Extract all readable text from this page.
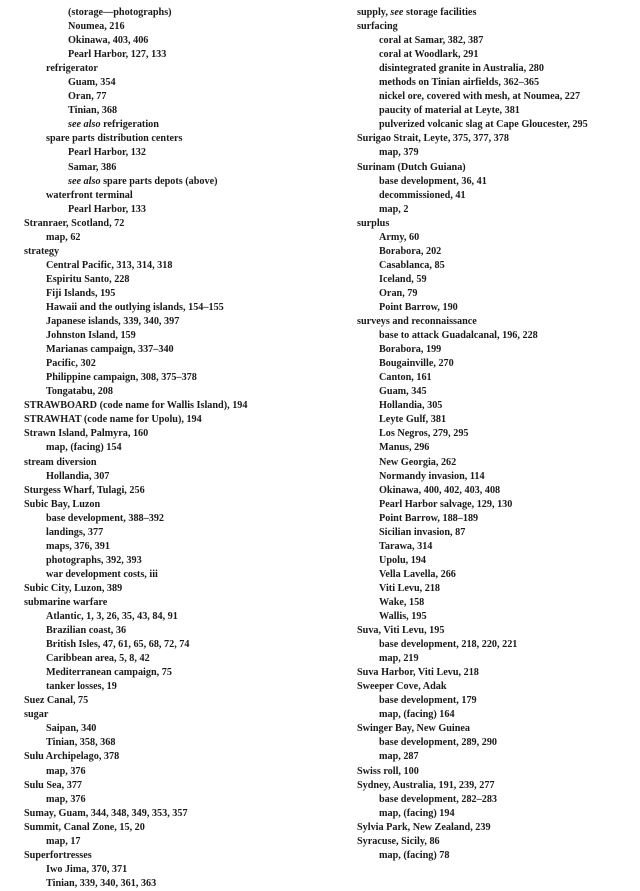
(storage—photographs)
Noumea, 216
Okinawa, 403, 406
Pearl Harbor, 127, 133
refrigerator
Guam, 354
Oran, 77
Tinian, 368
see also refrigeration
spare parts distribution centers
Pearl Harbor, 132
Samar, 386
see also spare parts depots (above)
waterfront terminal
Pearl Harbor, 133
Stranraer, Scotland, 72
map, 62
strategy
Central Pacific, 313, 314, 318
Espiritu Santo, 228
Fiji Islands, 195
Hawaii and the outlying islands, 154–155
Japanese islands, 339, 340, 397
Johnston Island, 159
Marianas campaign, 337–340
Pacific, 302
Philippine campaign, 308, 375–378
Tongatabu, 208
STRAWBOARD (code name for Wallis Island), 194
STRAWHAT (code name for Upolu), 194
Strawn Island, Palmyra, 160
map, (facing) 154
stream diversion
Hollandia, 307
Sturgess Wharf, Tulagi, 256
Subic Bay, Luzon
base development, 388–392
landings, 377
maps, 376, 391
photographs, 392, 393
war development costs, iii
Subic City, Luzon, 389
submarine warfare
Atlantic, 1, 3, 26, 35, 43, 84, 91
Brazilian coast, 36
British Isles, 47, 61, 65, 68, 72, 74
Caribbean area, 5, 8, 42
Mediterranean campaign, 75
tanker losses, 19
Suez Canal, 75
sugar
Saipan, 340
Tinian, 358, 368
Sulu Archipelago, 378
map, 376
Sulu Sea, 377
map, 376
Sumay, Guam, 344, 348, 349, 353, 357
Summit, Canal Zone, 15, 20
map, 17
Superfortresses
Iwo Jima, 370, 371
Tinian, 339, 340, 361, 363
supply, see storage facilities
surfacing
coral at Samar, 382, 387
coral at Woodlark, 291
disintegrated granite in Australia, 280
methods on Tinian airfields, 362–365
nickel ore, covered with mesh, at Noumea, 227
paucity of material at Leyte, 381
pulverized volcanic slag at Cape Gloucester, 295
Surigao Strait, Leyte, 375, 377, 378
map, 379
Surinam (Dutch Guiana)
base development, 36, 41
decommissioned, 41
map, 2
surplus
Army, 60
Borabora, 202
Casablanca, 85
Iceland, 59
Oran, 79
Point Barrow, 190
surveys and reconnaissance
base to attack Guadalcanal, 196, 228
Borabora, 199
Bougainville, 270
Canton, 161
Guam, 345
Hollandia, 305
Leyte Gulf, 381
Los Negros, 279, 295
Manus, 296
New Georgia, 262
Normandy invasion, 114
Okinawa, 400, 402, 403, 408
Pearl Harbor salvage, 129, 130
Point Barrow, 188–189
Sicilian invasion, 87
Tarawa, 314
Upolu, 194
Vella Lavella, 266
Viti Levu, 218
Wake, 158
Wallis, 195
Suva, Viti Levu, 195
base development, 218, 220, 221
map, 219
Suva Harbor, Viti Levu, 218
Sweeper Cove, Adak
base development, 179
map, (facing) 164
Swinger Bay, New Guinea
base development, 289, 290
map, 287
Swiss roll, 100
Sydney, Australia, 191, 239, 277
base development, 282–283
map, (facing) 194
Sylvia Park, New Zealand, 239
Syracuse, Sicily, 86
map, (facing) 78
